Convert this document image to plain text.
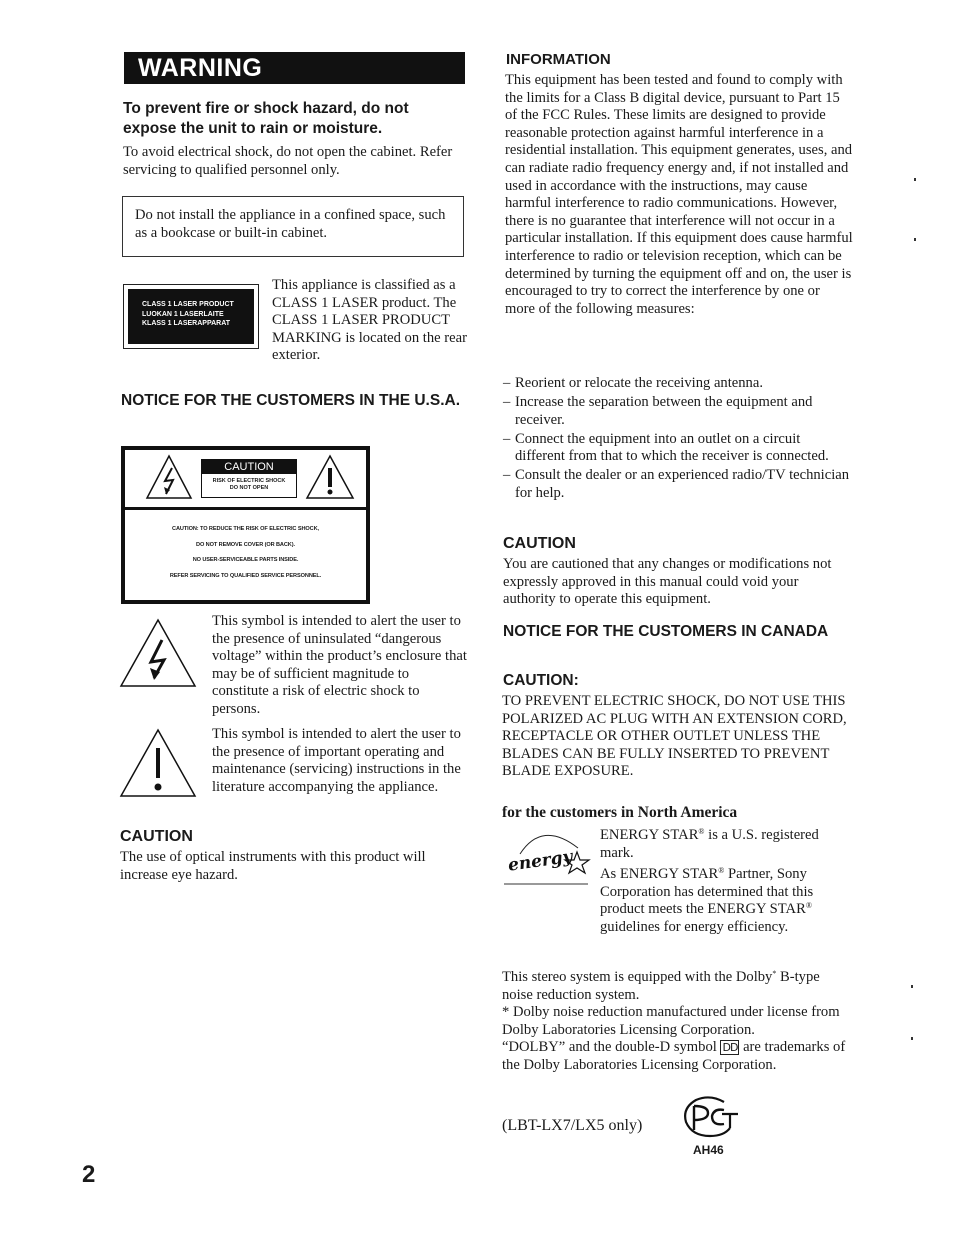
WARNING
To prevent fire or shock hazard, do not expose the unit to rain or moisture.

To avoid electrical shock, do not open the cabinet. Refer servicing to qualified personnel only.

Do not install the appliance in a confined space, such as a bookcase or built-in cabinet.

CLASS 1 LASER PRODUCT
LUOKAN 1 LASERLAITE
KLASS 1 LASERAPPARAT

This appliance is classified as a CLASS 1 LASER product. The CLASS 1 LASER PRODUCT MARKING is located on the rear exterior.

NOTICE FOR THE CUSTOMERS IN THE U.S.A.
CAUTION
RISK OF ELECTRIC SHOCK
DO NOT OPEN
CAUTION: TO REDUCE THE RISK OF ELECTRIC SHOCK,
DO NOT REMOVE COVER (OR BACK).
NO USER-SERVICEABLE PARTS INSIDE.
REFER SERVICING TO QUALIFIED SERVICE PERSONNEL.

This symbol is intended to alert the user to the presence of uninsulated “dangerous voltage” within the product’s enclosure that may be of sufficient magnitude to constitute a risk of electric shock to persons.

This symbol is intended to alert the user to the presence of important operating and maintenance (servicing) instructions in the literature accompanying the appliance.

CAUTION

The use of optical instruments with this product will increase eye hazard.

INFORMATION

This equipment has been tested and found to comply with the limits for a Class B digital device, pursuant to Part 15 of the FCC Rules. These limits are designed to provide reasonable protection against harmful interference in a residential installation. This equipment generates, uses, and can radiate radio frequency energy and, if not installed and used in accordance with the instructions, may cause harmful interference to radio communications. However, there is no guarantee that interference will not occur in a particular installation. If this equipment does cause harmful interference to radio or television reception, which can be determined by turning the equipment off and on, the user is encouraged to try to correct the interference by one or more of the following measures:

– Reorient or relocate the receiving antenna.
– Increase the separation between the equipment and receiver.
– Connect the equipment into an outlet on a circuit different from that to which the receiver is connected.
– Consult the dealer or an experienced radio/TV technician for help.
CAUTION

You are cautioned that any changes or modifications not expressly approved in this manual could void your authority to operate this equipment.

NOTICE FOR THE CUSTOMERS IN CANADA
CAUTION:

TO PREVENT ELECTRIC SHOCK, DO NOT USE THIS POLARIZED AC PLUG WITH AN EXTENSION CORD, RECEPTACLE OR OTHER OUTLET UNLESS THE BLADES CAN BE FULLY INSERTED TO PREVENT BLADE EXPOSURE.

for the customers in North America
energy

ENERGY STAR® is a U.S. registered mark.

As ENERGY STAR® Partner, Sony Corporation has determined that this product meets the ENERGY STAR® guidelines for energy efficiency.

This stereo system is equipped with the Dolby* B-type noise reduction system.

* Dolby noise reduction manufactured under license from Dolby Laboratories Licensing Corporation.

“DOLBY” and the double-D symbol DD are trademarks of the Dolby Laboratories Licensing Corporation.

(LBT-LX7/LX5 only)
AH46
2
